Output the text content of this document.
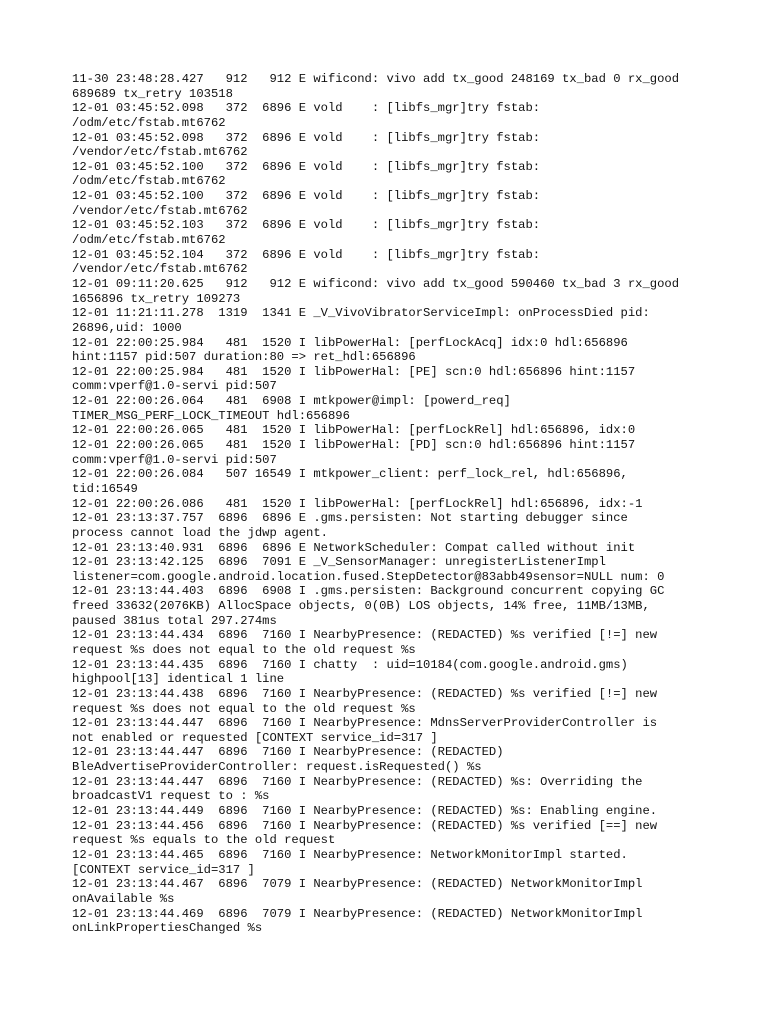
11-30 23:48:28.427   912   912 E wificond: vivo add tx_good 248169 tx_bad 0 rx_good
689689 tx_retry 103518
12-01 03:45:52.098   372  6896 E vold    : [libfs_mgr]try fstab:
/odm/etc/fstab.mt6762
12-01 03:45:52.098   372  6896 E vold    : [libfs_mgr]try fstab:
/vendor/etc/fstab.mt6762
12-01 03:45:52.100   372  6896 E vold    : [libfs_mgr]try fstab:
/odm/etc/fstab.mt6762
12-01 03:45:52.100   372  6896 E vold    : [libfs_mgr]try fstab:
/vendor/etc/fstab.mt6762
12-01 03:45:52.103   372  6896 E vold    : [libfs_mgr]try fstab:
/odm/etc/fstab.mt6762
12-01 03:45:52.104   372  6896 E vold    : [libfs_mgr]try fstab:
/vendor/etc/fstab.mt6762
12-01 09:11:20.625   912   912 E wificond: vivo add tx_good 590460 tx_bad 3 rx_good
1656896 tx_retry 109273
12-01 11:21:11.278  1319  1341 E _V_VivoVibratorServiceImpl: onProcessDied pid:
26896,uid: 1000
12-01 22:00:25.984   481  1520 I libPowerHal: [perfLockAcq] idx:0 hdl:656896
hint:1157 pid:507 duration:80 => ret_hdl:656896
12-01 22:00:25.984   481  1520 I libPowerHal: [PE] scn:0 hdl:656896 hint:1157
comm:vperf@1.0-servi pid:507
12-01 22:00:26.064   481  6908 I mtkpower@impl: [powerd_req]
TIMER_MSG_PERF_LOCK_TIMEOUT hdl:656896
12-01 22:00:26.065   481  1520 I libPowerHal: [perfLockRel] hdl:656896, idx:0
12-01 22:00:26.065   481  1520 I libPowerHal: [PD] scn:0 hdl:656896 hint:1157
comm:vperf@1.0-servi pid:507
12-01 22:00:26.084   507 16549 I mtkpower_client: perf_lock_rel, hdl:656896,
tid:16549
12-01 22:00:26.086   481  1520 I libPowerHal: [perfLockRel] hdl:656896, idx:-1
12-01 23:13:37.757  6896  6896 E .gms.persisten: Not starting debugger since
process cannot load the jdwp agent.
12-01 23:13:40.931  6896  6896 E NetworkScheduler: Compat called without init
12-01 23:13:42.125  6896  7091 E _V_SensorManager: unregisterListenerImpl
listener=com.google.android.location.fused.StepDetector@83abb49sensor=NULL num: 0
12-01 23:13:44.403  6896  6908 I .gms.persisten: Background concurrent copying GC
freed 33632(2076KB) AllocSpace objects, 0(0B) LOS objects, 14% free, 11MB/13MB,
paused 381us total 297.274ms
12-01 23:13:44.434  6896  7160 I NearbyPresence: (REDACTED) %s verified [!=] new
request %s does not equal to the old request %s
12-01 23:13:44.435  6896  7160 I chatty  : uid=10184(com.google.android.gms)
highpool[13] identical 1 line
12-01 23:13:44.438  6896  7160 I NearbyPresence: (REDACTED) %s verified [!=] new
request %s does not equal to the old request %s
12-01 23:13:44.447  6896  7160 I NearbyPresence: MdnsServerProviderController is
not enabled or requested [CONTEXT service_id=317 ]
12-01 23:13:44.447  6896  7160 I NearbyPresence: (REDACTED)
BleAdvertiseProviderController: request.isRequested() %s
12-01 23:13:44.447  6896  7160 I NearbyPresence: (REDACTED) %s: Overriding the
broadcastV1 request to : %s
12-01 23:13:44.449  6896  7160 I NearbyPresence: (REDACTED) %s: Enabling engine.
12-01 23:13:44.456  6896  7160 I NearbyPresence: (REDACTED) %s verified [==] new
request %s equals to the old request
12-01 23:13:44.465  6896  7160 I NearbyPresence: NetworkMonitorImpl started.
[CONTEXT service_id=317 ]
12-01 23:13:44.467  6896  7079 I NearbyPresence: (REDACTED) NetworkMonitorImpl
onAvailable %s
12-01 23:13:44.469  6896  7079 I NearbyPresence: (REDACTED) NetworkMonitorImpl
onLinkPropertiesChanged %s
